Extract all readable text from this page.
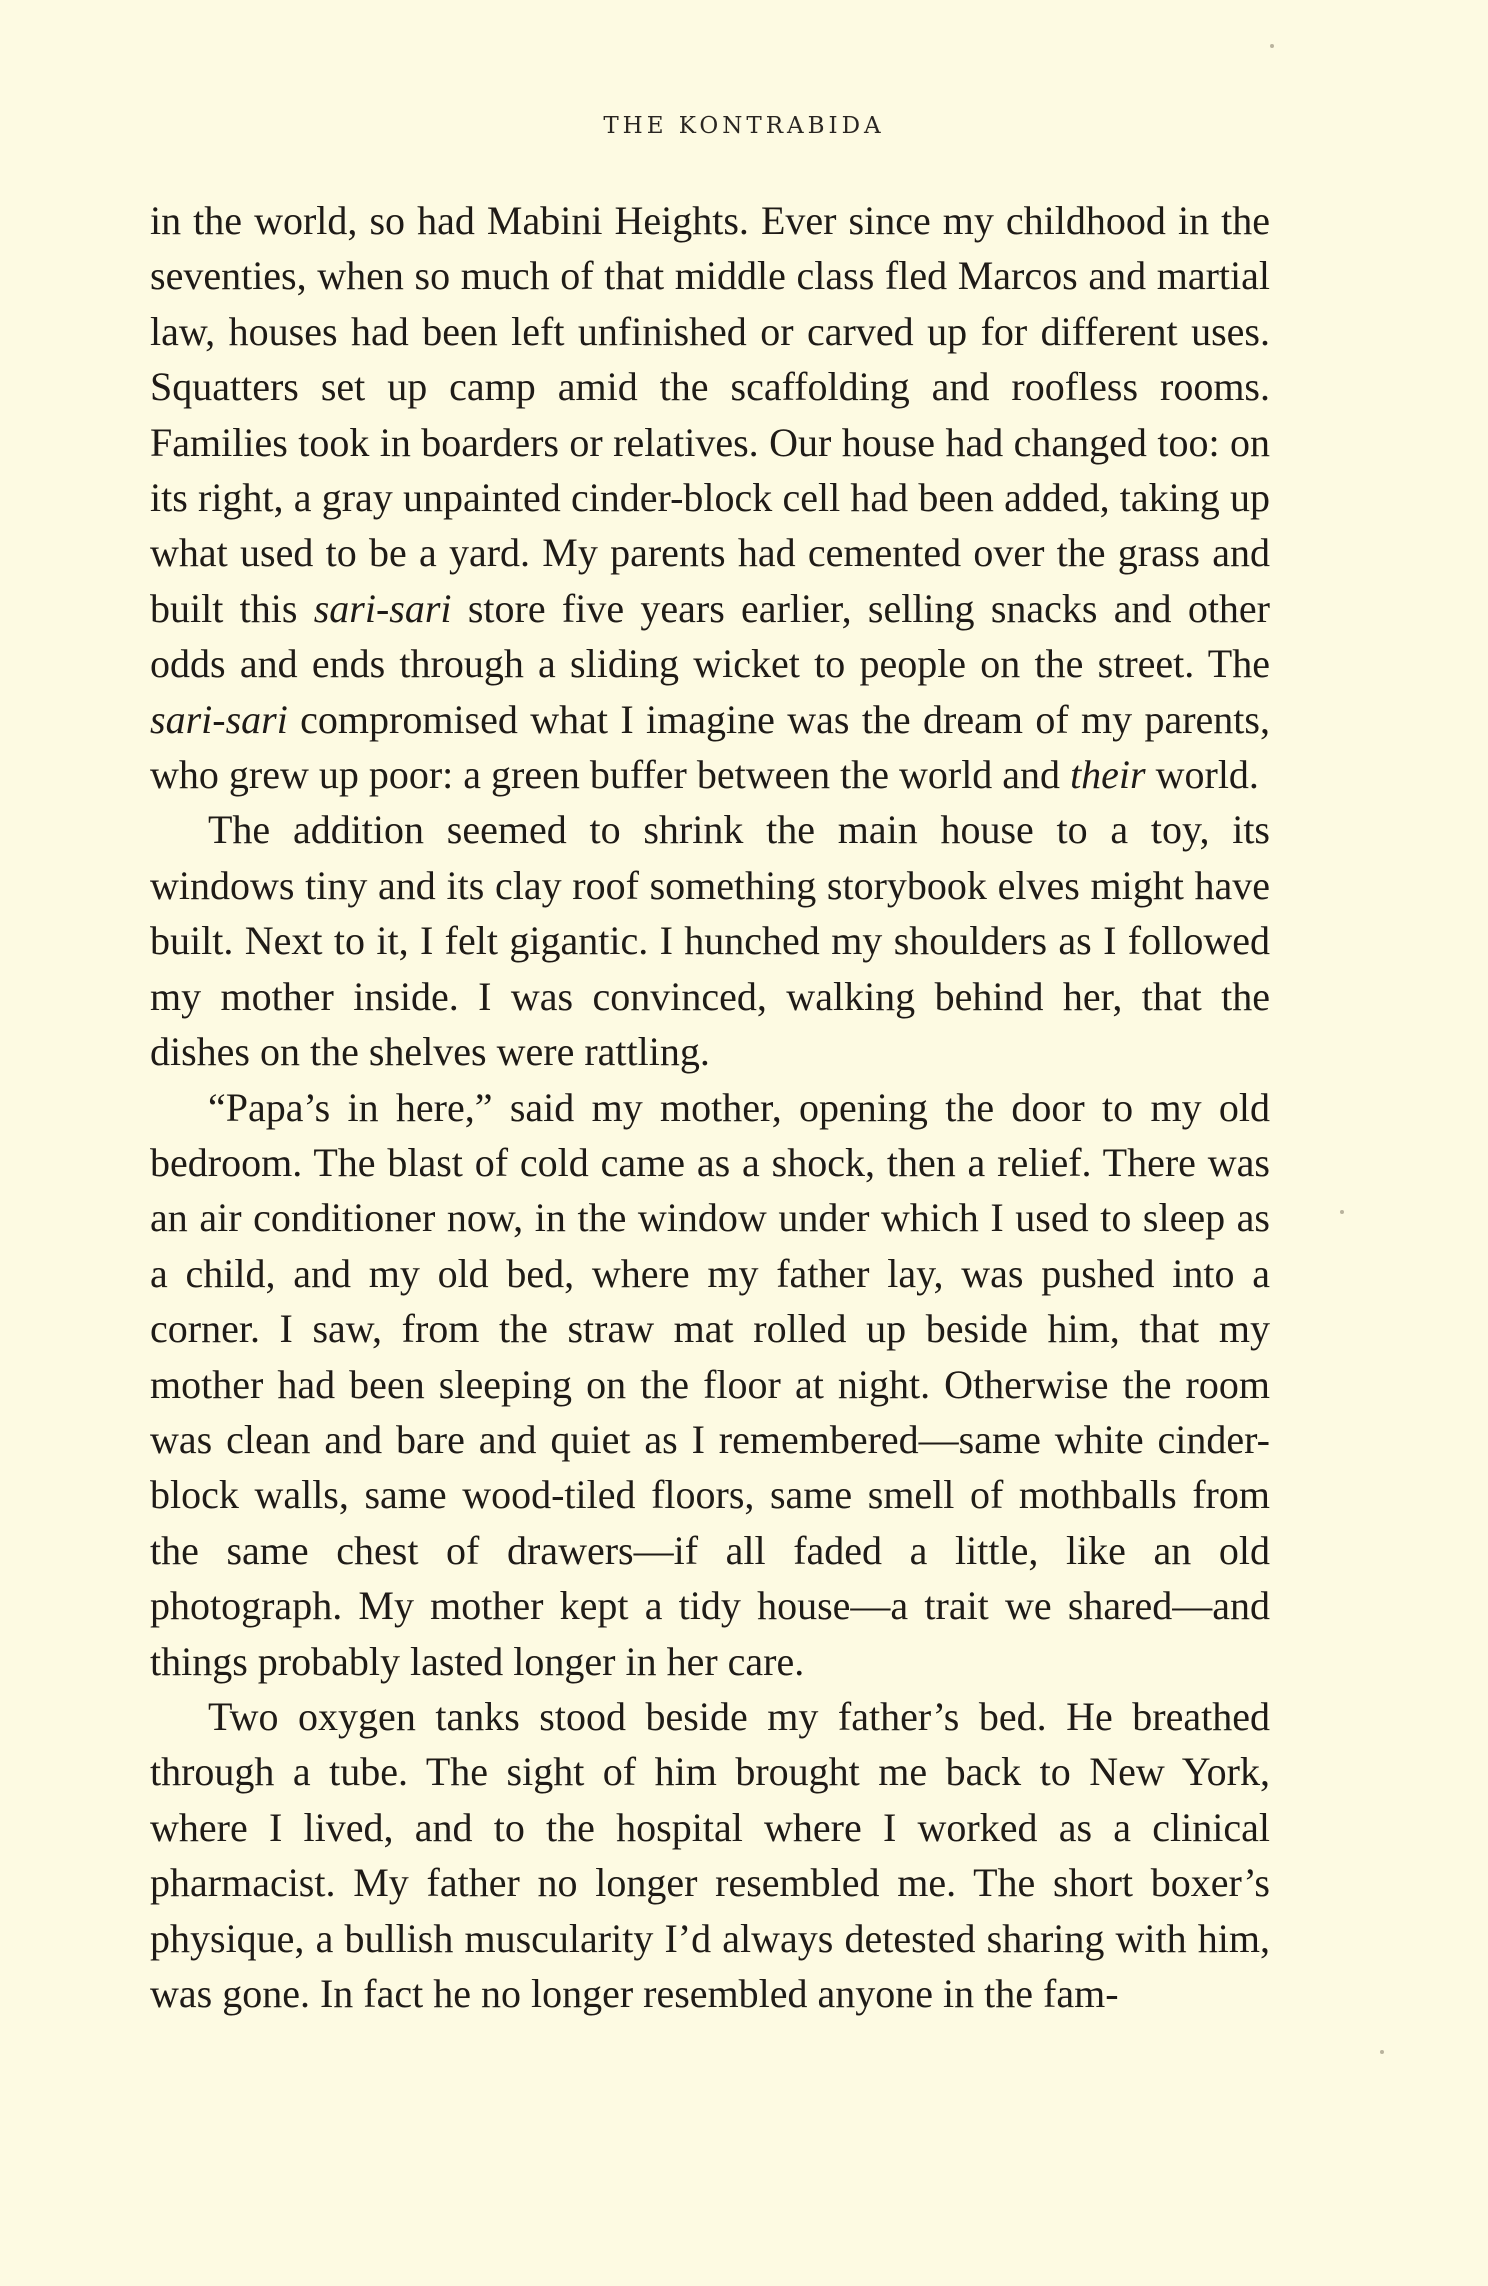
THE KONTRABIDA

in the world, so had Mabini Heights. Ever since my childhood in the seventies, when so much of that middle class fled Marcos and martial law, houses had been left unfinished or carved up for different uses. Squatters set up camp amid the scaffolding and roofless rooms. Families took in boarders or relatives. Our house had changed too: on its right, a gray unpainted cinder-block cell had been added, taking up what used to be a yard. My parents had cemented over the grass and built this sari-sari store five years earlier, selling snacks and other odds and ends through a sliding wicket to people on the street. The sari-sari compromised what I imagine was the dream of my parents, who grew up poor: a green buffer between the world and their world.

The addition seemed to shrink the main house to a toy, its windows tiny and its clay roof something storybook elves might have built. Next to it, I felt gigantic. I hunched my shoulders as I followed my mother inside. I was convinced, walking behind her, that the dishes on the shelves were rattling.

“Papa’s in here,” said my mother, opening the door to my old bedroom. The blast of cold came as a shock, then a relief. There was an air conditioner now, in the window under which I used to sleep as a child, and my old bed, where my father lay, was pushed into a corner. I saw, from the straw mat rolled up beside him, that my mother had been sleeping on the floor at night. Otherwise the room was clean and bare and quiet as I remembered—same white cinder-block walls, same wood-tiled floors, same smell of mothballs from the same chest of drawers—if all faded a little, like an old photograph. My mother kept a tidy house—a trait we shared—and things probably lasted longer in her care.

Two oxygen tanks stood beside my father’s bed. He breathed through a tube. The sight of him brought me back to New York, where I lived, and to the hospital where I worked as a clinical pharmacist. My father no longer resembled me. The short boxer’s physique, a bullish muscularity I’d always detested sharing with him, was gone. In fact he no longer resembled anyone in the fam-
